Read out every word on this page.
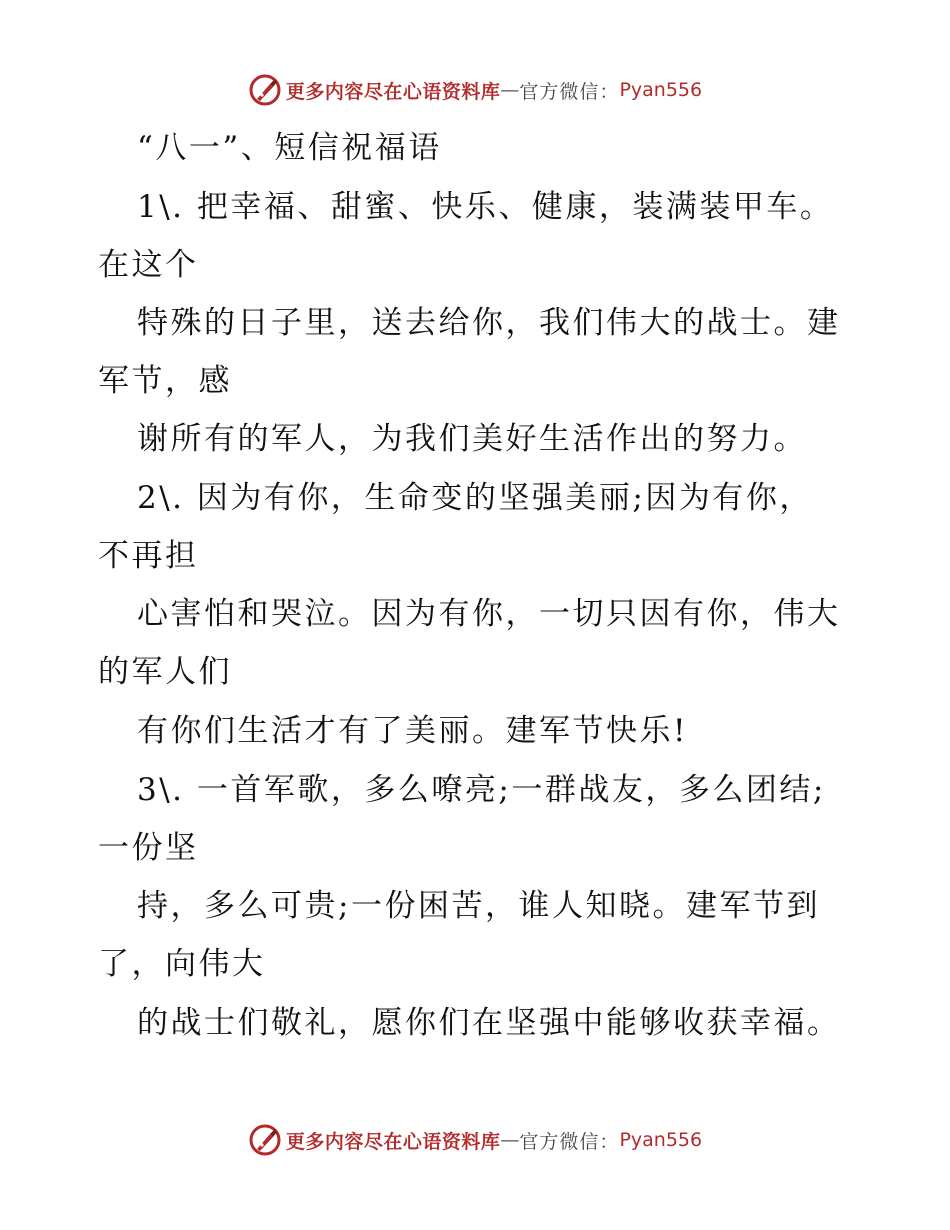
更多内容尽在心语资料库 — 官方微信： Pyan556
“八一”、短信祝福语
1\. 把幸福、甜蜜、快乐、健康，装满装甲车。
在这个
特殊的日子里，送去给你，我们伟大的战士。建
军节，感
谢所有的军人，为我们美好生活作出的努力。
2\. 因为有你，生命变的坚强美丽;因为有你，
不再担
心害怕和哭泣。因为有你，一切只因有你，伟大
的军人们
有你们生活才有了美丽。建军节快乐!
3\. 一首军歌，多么嘹亮;一群战友，多么团结;
一份坚
持，多么可贵;一份困苦，谁人知晓。建军节到
了，向伟大
的战士们敬礼，愿你们在坚强中能够收获幸福。
更多内容尽在心语资料库 — 官方微信： Pyan556
